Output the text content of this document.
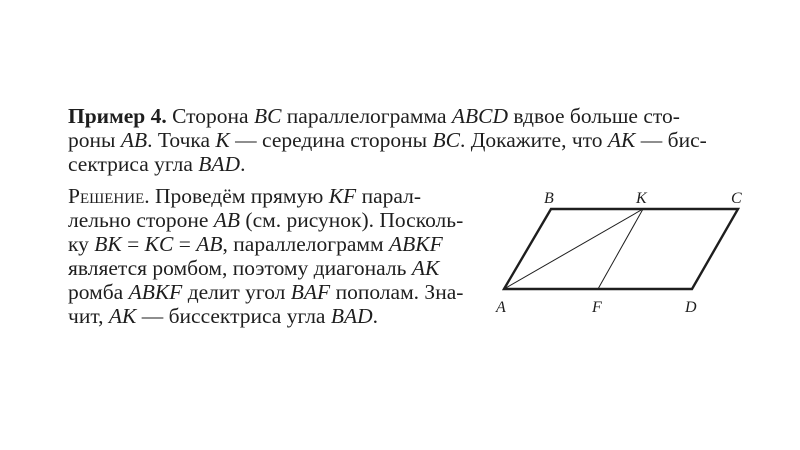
Пример 4. Сторона BC параллелограмма ABCD вдвое больше сто-
роны AB. Точка K — середина стороны BC. Докажите, что AK — бис-
сектриса угла BAD.
Решение. Проведём прямую KF парал-
лельно стороне AB (см. рисунок). Посколь-
ку BK = KC = AB, параллелограмм ABKF
является ромбом, поэтому диагональ AK
ромба ABKF делит угол BAF пополам. Зна-
чит, AK — биссектриса угла BAD.
B	K	C
A	F	D
